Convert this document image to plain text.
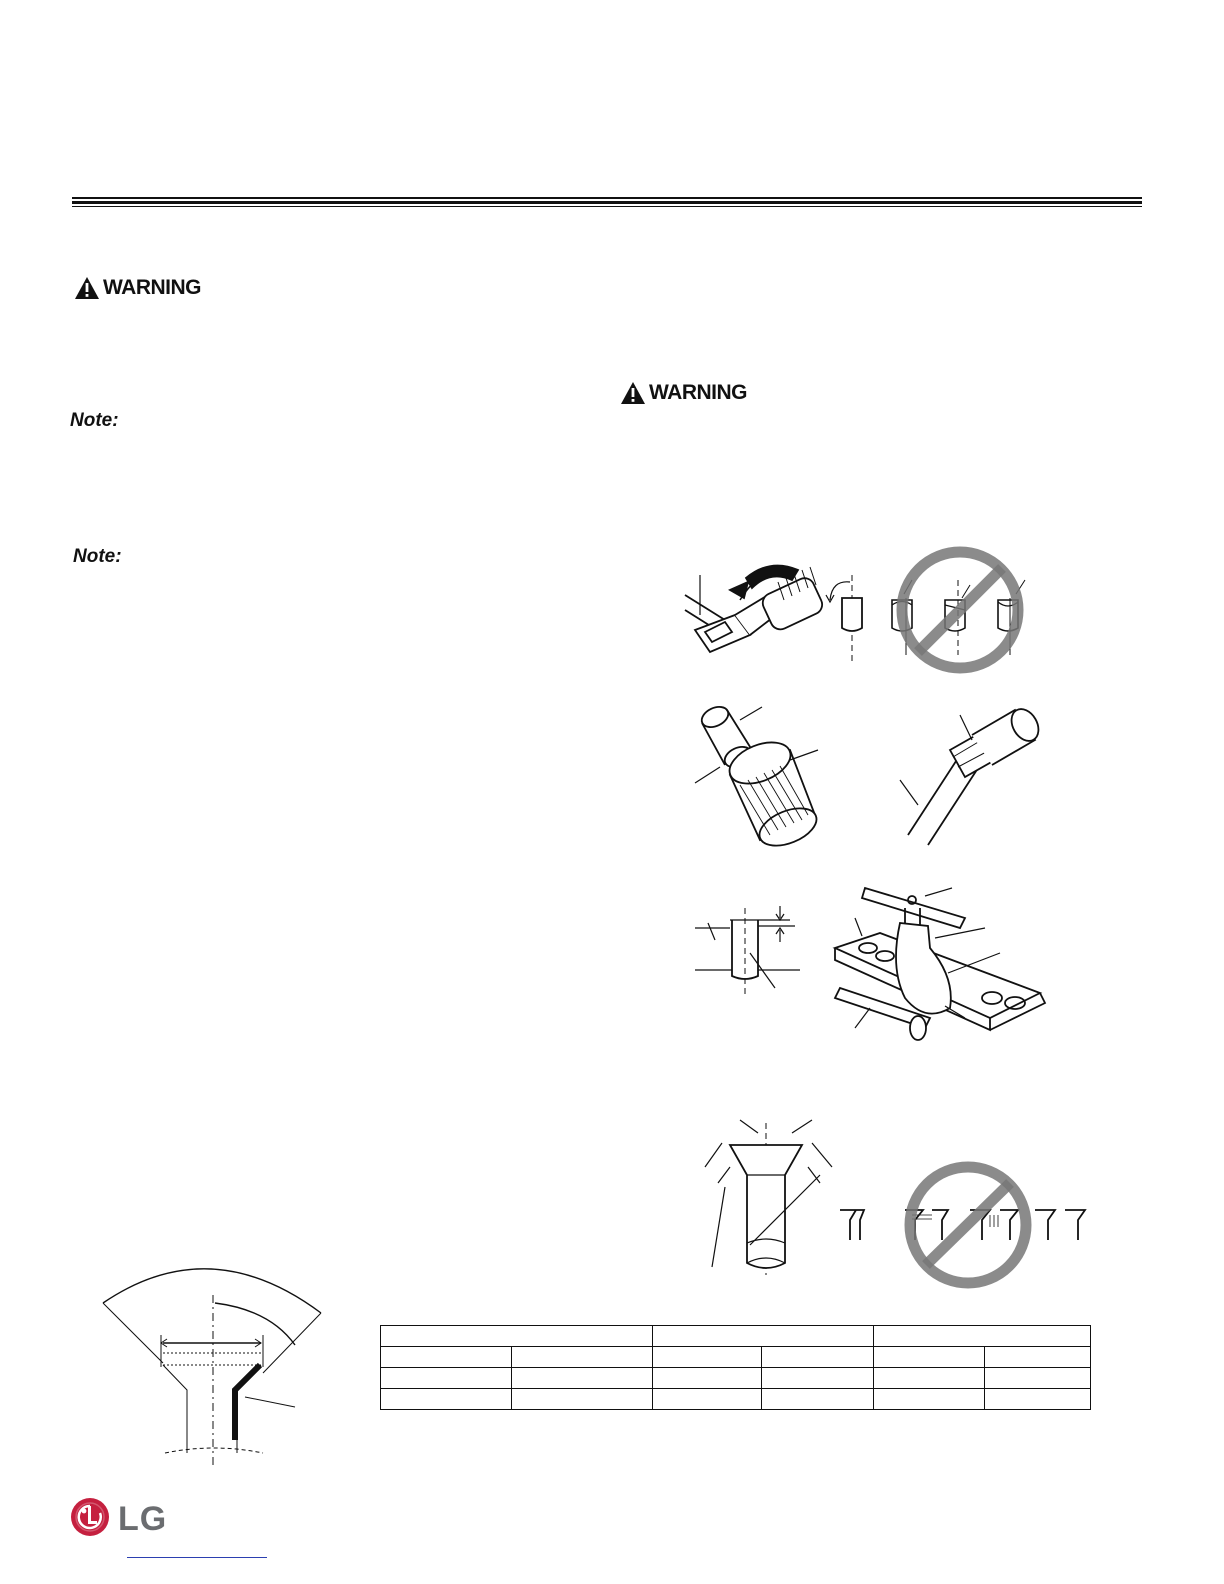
WARNING
WARNING
Note:
Note:

LG
